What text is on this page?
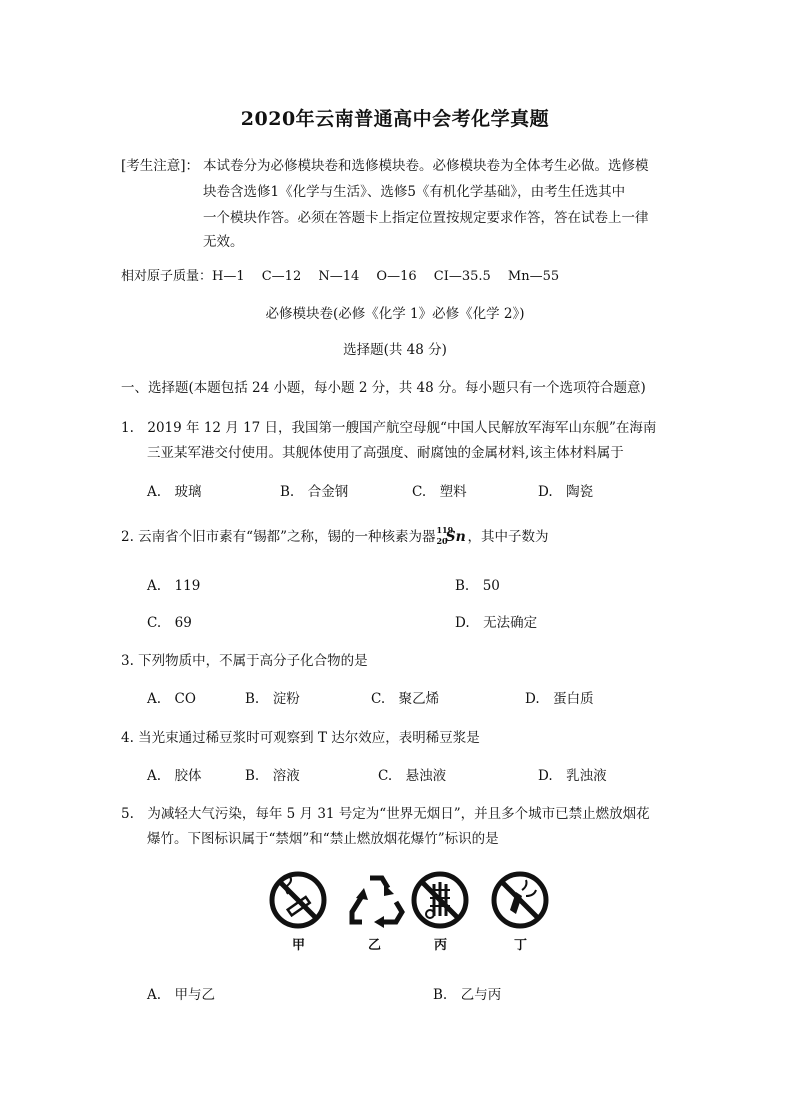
2020年云南普通高中会考化学真题
[考生注意]： 本试卷分为必修模块卷和选修模块卷。必修模块卷为全体考生必做。选修模
块卷含选修1《化学与生活》、选修5《有机化学基础》，由考生任选其中
一个模块作答。必须在答题卡上指定位置按规定要求作答，答在试卷上一律
无效。
相对原子质量：H—1　 C—12　 N—14　 O—16　 CI—35.5　 Mn—55
必修模块卷(必修《化学 1》必修《化学 2》)
选择题(共 48 分)
一、选择题(本题包括 24 小题，每小题 2 分，共 48 分。每小题只有一个选项符合题意)
1.　2019 年 12 月 17 日，我国第一艘国产航空母舰“中国人民解放军海军山东舰”在海南
三亚某军港交付使用。其舰体使用了高强度、耐腐蚀的金属材料,该主体材料属于
A.　玻璃	B.　合金钢	C.　塑料	D.　陶瓷
2. 云南省个旧市素有“锡都”之称，锡的一种核素为器 119
20
Sn ，其中子数为
A.　119	B.　50
C.　69	D.　无法确定
3. 下列物质中，不属于高分子化合物的是
A.　CO	B.　淀粉	C.　聚乙烯	D.　蛋白质
4. 当光束通过稀豆浆时可观察到 T 达尔效应，表明稀豆浆是
A.　胶体	B.　溶液	C.　悬浊液	D.　乳浊液
5.　为减轻大气污染，每年 5 月 31 号定为“世界无烟日”，并且多个城市已禁止燃放烟花
爆竹。下图标识属于“禁烟”和“禁止燃放烟花爆竹”标识的是
甲	乙	丙	丁
A.　甲与乙	B.　乙与丙
